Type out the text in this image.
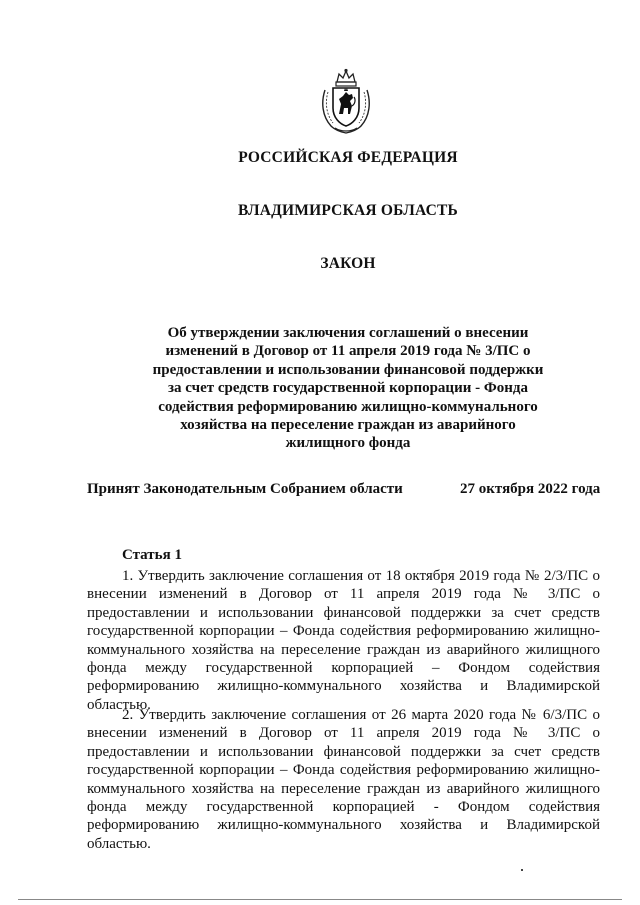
РОССИЙСКАЯ ФЕДЕРАЦИЯ
ВЛАДИМИРСКАЯ ОБЛАСТЬ
ЗАКОН
Об утверждении заключения соглашений о внесении изменений в Договор от 11 апреля 2019 года № 3/ПС о предоставлении и использовании финансовой поддержки за счет средств государственной корпорации - Фонда содействия реформированию жилищно-коммунального хозяйства на переселение граждан из аварийного жилищного фонда
Принят Законодательным Собранием области	27 октября 2022 года
Статья 1
1. Утвердить заключение соглашения от 18 октября 2019 года № 2/3/ПС о внесении изменений в Договор от 11 апреля 2019 года № 3/ПС о предоставлении и использовании финансовой поддержки за счет средств государственной корпорации – Фонда содействия реформированию жилищно-коммунального хозяйства на переселение граждан из аварийного жилищного фонда между государственной корпорацией – Фондом содействия реформированию жилищно-коммунального хозяйства и Владимирской областью.
2. Утвердить заключение соглашения от 26 марта 2020 года № 6/3/ПС о внесении изменений в Договор от 11 апреля 2019 года № 3/ПС о предоставлении и использовании финансовой поддержки за счет средств государственной корпорации – Фонда содействия реформированию жилищно-коммунального хозяйства на переселение граждан из аварийного жилищного фонда между государственной корпорацией - Фондом содействия реформированию жилищно-коммунального хозяйства и Владимирской областью.
